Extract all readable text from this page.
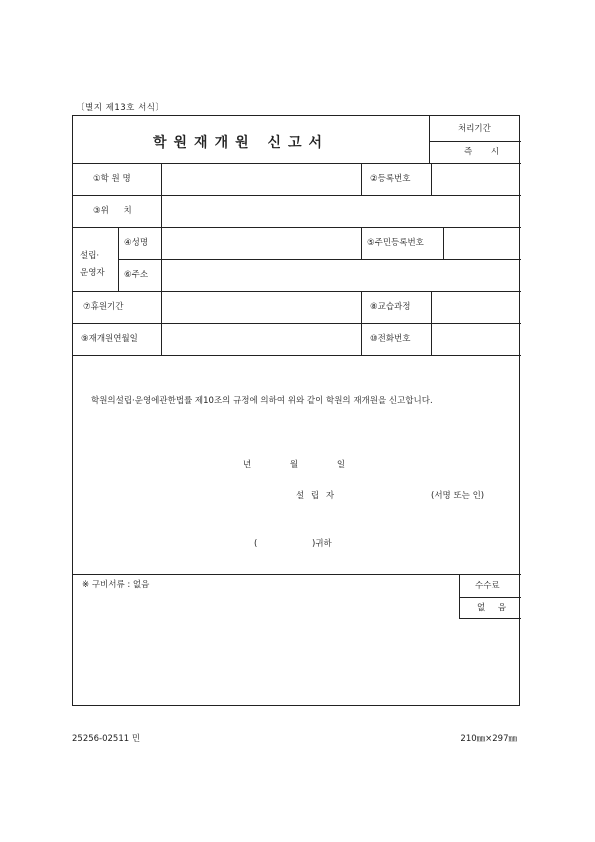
〔별지 제13호 서식〕
학원재개원 신고서
처리기간
즉 시
①학 원 명	②등록번호
③위 치
설립·
운영자
④성명	⑤주민등록번호
⑥주소
⑦휴원기간	⑧교습과정
⑨재개원연월일	⑩전화번호
학원의설립·운영에관한법률 제10조의 규정에 의하여 위와 같이 학원의 재개원을 신고합니다.
년 월 일
설 립 자	(서명 또는 인)
( )귀하
※ 구비서류 : 없음	수수료
없 음
25256-02511 민	210㎜×297㎜
